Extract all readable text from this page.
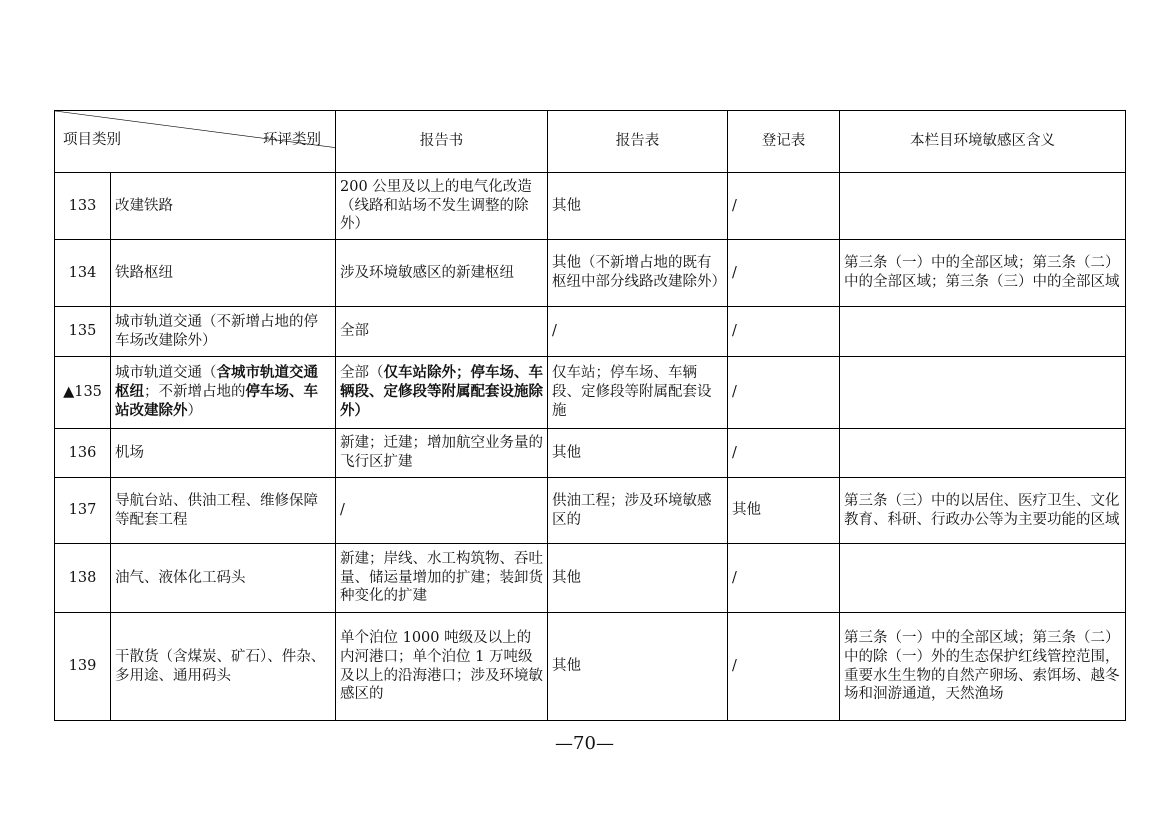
项目类别 环评类别		报告书	报告表	登记表	本栏目环境敏感区含义
133	改建铁路	200 公里及以上的电气化改造（线路和站场不发生调整的除外）	其他	/	
134	铁路枢纽	涉及环境敏感区的新建枢纽	其他（不新增占地的既有枢纽中部分线路改建除外）	/	第三条（一）中的全部区域；第三条（二）中的全部区域；第三条（三）中的全部区域
135	城市轨道交通（不新增占地的停车场改建除外）	全部	/	/	
▲135	城市轨道交通（含城市轨道交通枢纽；不新增占地的停车场、车站改建除外）	全部（仅车站除外；停车场、车辆段、定修段等附属配套设施除外）	仅车站；停车场、车辆段、定修段等附属配套设施	/	
136	机场	新建；迁建；增加航空业务量的飞行区扩建	其他	/	
137	导航台站、供油工程、维修保障等配套工程	/	供油工程；涉及环境敏感区的	其他	第三条（三）中的以居住、医疗卫生、文化教育、科研、行政办公等为主要功能的区域
138	油气、液体化工码头	新建；岸线、水工构筑物、吞吐量、储运量增加的扩建；装卸货种变化的扩建	其他	/	
139	干散货（含煤炭、矿石）、件杂、多用途、通用码头	单个泊位 1000 吨级及以上的内河港口；单个泊位 1 万吨级及以上的沿海港口；涉及环境敏感区的	其他	/	第三条（一）中的全部区域；第三条（二）中的除（一）外的生态保护红线管控范围，重要水生生物的自然产卵场、索饵场、越冬场和洄游通道，天然渔场
—70—
